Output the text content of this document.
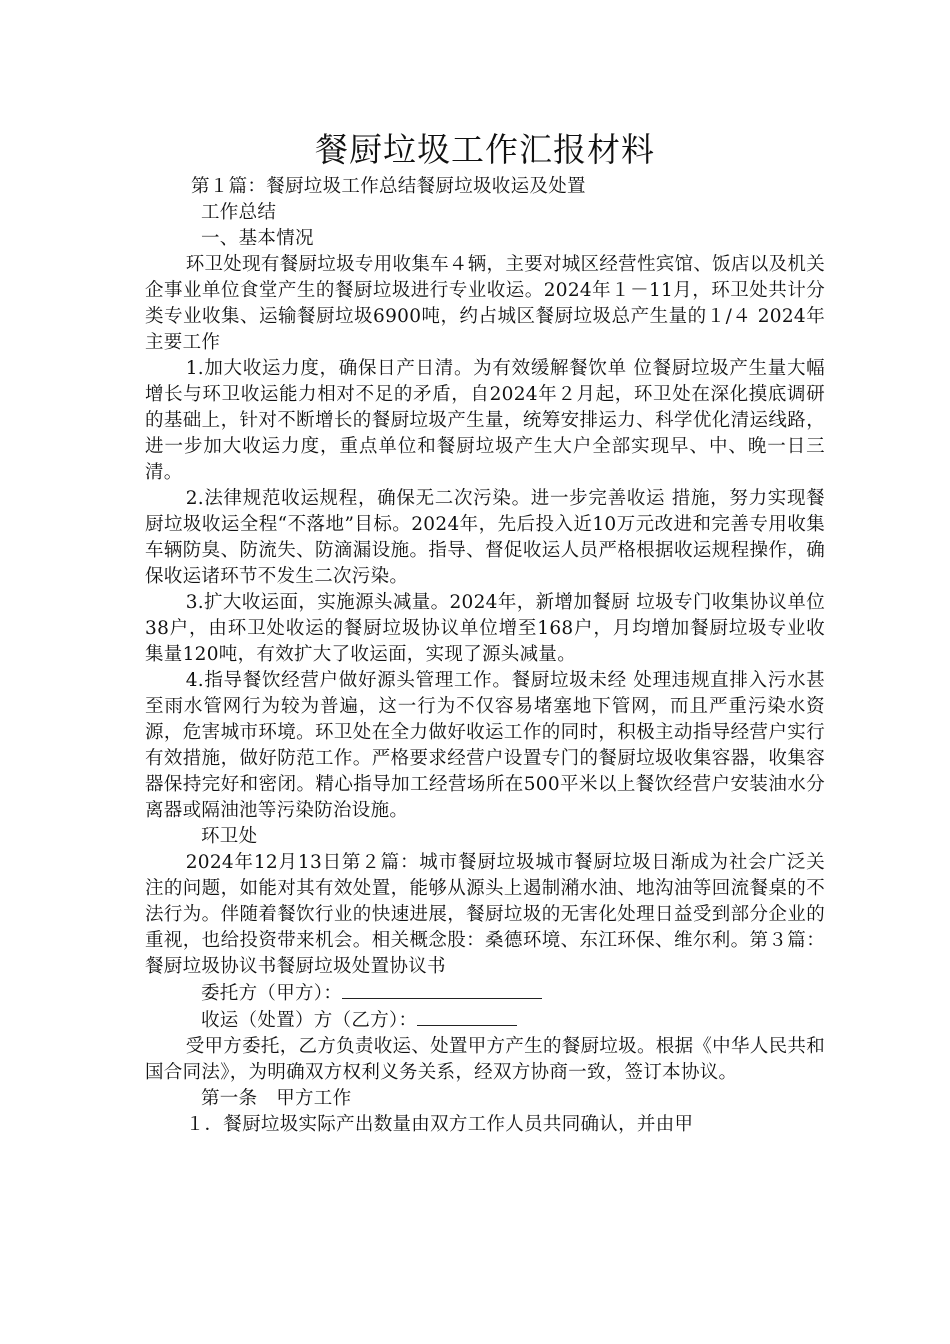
餐厨垃圾工作汇报材料

第１篇：餐厨垃圾工作总结餐厨垃圾收运及处置

工作总结

一、基本情况

环卫处现有餐厨垃圾专用收集车４辆，主要对城区经营性宾馆、饭店以及机关企事业单位食堂产生的餐厨垃圾进行专业收运。2024年１－11月，环卫处共计分类专业收集、运输餐厨垃圾6900吨，约占城区餐厨垃圾总产生量的１/４ 2024年主要工作

1.加大收运力度，确保日产日清。为有效缓解餐饮单 位餐厨垃圾产生量大幅增长与环卫收运能力相对不足的矛盾，自2024年２月起，环卫处在深化摸底调研的基础上，针对不断增长的餐厨垃圾产生量，统筹安排运力、科学优化清运线路，进一步加大收运力度，重点单位和餐厨垃圾产生大户全部实现早、中、晚一日三清。

2.法律规范收运规程，确保无二次污染。进一步完善收运 措施，努力实现餐厨垃圾收运全程“不落地”目标。2024年，先后投入近10万元改进和完善专用收集车辆防臭、防流失、防滴漏设施。指导、督促收运人员严格根据收运规程操作，确保收运诸环节不发生二次污染。

3.扩大收运面，实施源头减量。2024年，新增加餐厨 垃圾专门收集协议单位38户，由环卫处收运的餐厨垃圾协议单位增至168户，月均增加餐厨垃圾专业收集量120吨，有效扩大了收运面，实现了源头减量。

4.指导餐饮经营户做好源头管理工作。餐厨垃圾未经 处理违规直排入污水甚至雨水管网行为较为普遍，这一行为不仅容易堵塞地下管网，而且严重污染水资源，危害城市环境。环卫处在全力做好收运工作的同时，积极主动指导经营户实行有效措施，做好防范工作。严格要求经营户设置专门的餐厨垃圾收集容器，收集容器保持完好和密闭。精心指导加工经营场所在500平米以上餐饮经营户安装油水分离器或隔油池等污染防治设施。

环卫处

2024年12月13日第２篇：城市餐厨垃圾城市餐厨垃圾日渐成为社会广泛关注的问题，如能对其有效处置，能够从源头上遏制潲水油、地沟油等回流餐桌的不法行为。伴随着餐饮行业的快速进展，餐厨垃圾的无害化处理日益受到部分企业的重视，也给投资带来机会。相关概念股：桑德环境、东江环保、维尔利。第３篇：餐厨垃圾协议书餐厨垃圾处置协议书

委托方（甲方）：

收运（处置）方（乙方）：

受甲方委托，乙方负责收运、处置甲方产生的餐厨垃圾。根据《中华人民共和国合同法》，为明确双方权利义务关系，经双方协商一致，签订本协议。

第一条　甲方工作

１．餐厨垃圾实际产出数量由双方工作人员共同确认，并由甲
